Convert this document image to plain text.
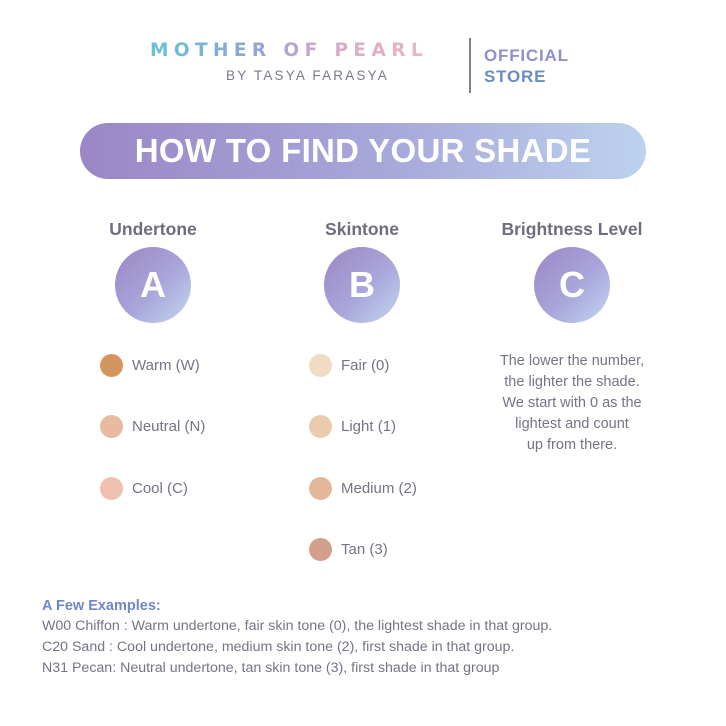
MOTHER OF PEARL
BY TASYA FARASYA
OFFICIAL
STORE
HOW TO FIND YOUR SHADE
Undertone
A
Warm (W)
Neutral (N)
Cool (C)
Skintone
B
Fair (0)
Light (1)
Medium (2)
Tan (3)
Brightness Level
C
The lower the number,
the lighter the shade.
We start with 0 as the
lightest and count
up from there.
A Few Examples:
W00 Chiffon : Warm undertone, fair skin tone (0), the lightest shade in that group.
C20 Sand : Cool undertone, medium skin tone (2), first shade in that group.
N31 Pecan: Neutral undertone, tan skin tone (3), first shade in that group
